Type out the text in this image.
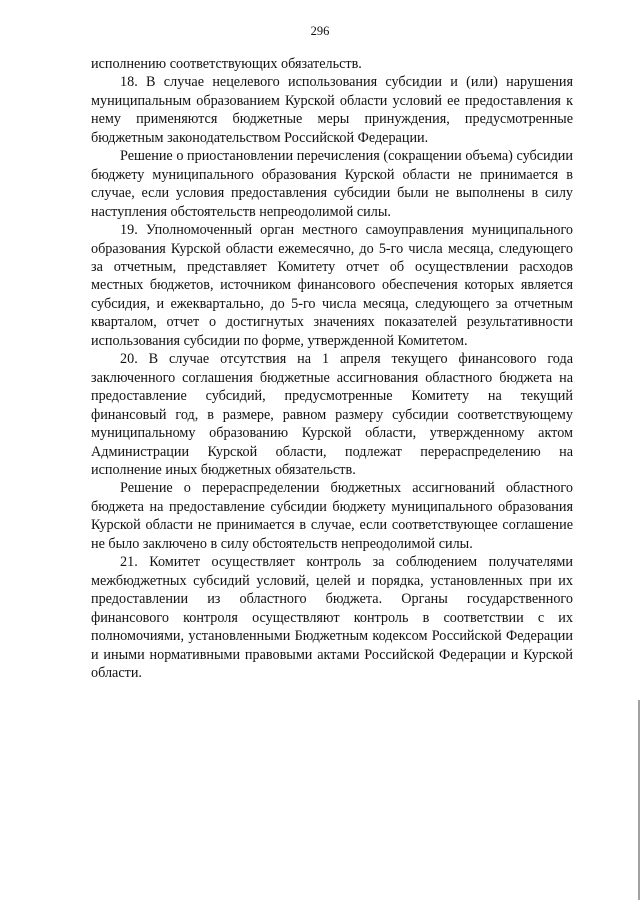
296

исполнению соответствующих обязательств.

18. В случае нецелевого использования субсидии и (или) нарушения муниципальным образованием Курской области условий ее предоставления к нему применяются бюджетные меры принуждения, предусмотренные бюджетным законодательством Российской Федерации.

Решение о приостановлении перечисления (сокращении объема) субсидии бюджету муниципального образования Курской области не принимается в случае, если условия предоставления субсидии были не выполнены в силу наступления обстоятельств непреодолимой силы.

19. Уполномоченный орган местного самоуправления муниципального образования Курской области ежемесячно, до 5-го числа месяца, следующего за отчетным, представляет Комитету отчет об осуществлении расходов местных бюджетов, источником финансового обеспечения которых является субсидия, и ежеквартально, до 5-го числа месяца, следующего за отчетным кварталом, отчет о достигнутых значениях показателей результативности использования субсидии по форме, утвержденной Комитетом.

20. В случае отсутствия на 1 апреля текущего финансового года заключенного соглашения бюджетные ассигнования областного бюджета на предоставление субсидий, предусмотренные Комитету на текущий финансовый год, в размере, равном размеру субсидии соответствующему муниципальному образованию Курской области, утвержденному актом Администрации Курской области, подлежат перераспределению на исполнение иных бюджетных обязательств.

Решение о перераспределении бюджетных ассигнований областного бюджета на предоставление субсидии бюджету муниципального образования Курской области не принимается в случае, если соответствующее соглашение не было заключено в силу обстоятельств непреодолимой силы.

21. Комитет осуществляет контроль за соблюдением получателями межбюджетных субсидий условий, целей и порядка, установленных при их предоставлении из областного бюджета. Органы государственного финансового контроля осуществляют контроль в соответствии с их полномочиями, установленными Бюджетным кодексом Российской Федерации и иными нормативными правовыми актами Российской Федерации и Курской области.
